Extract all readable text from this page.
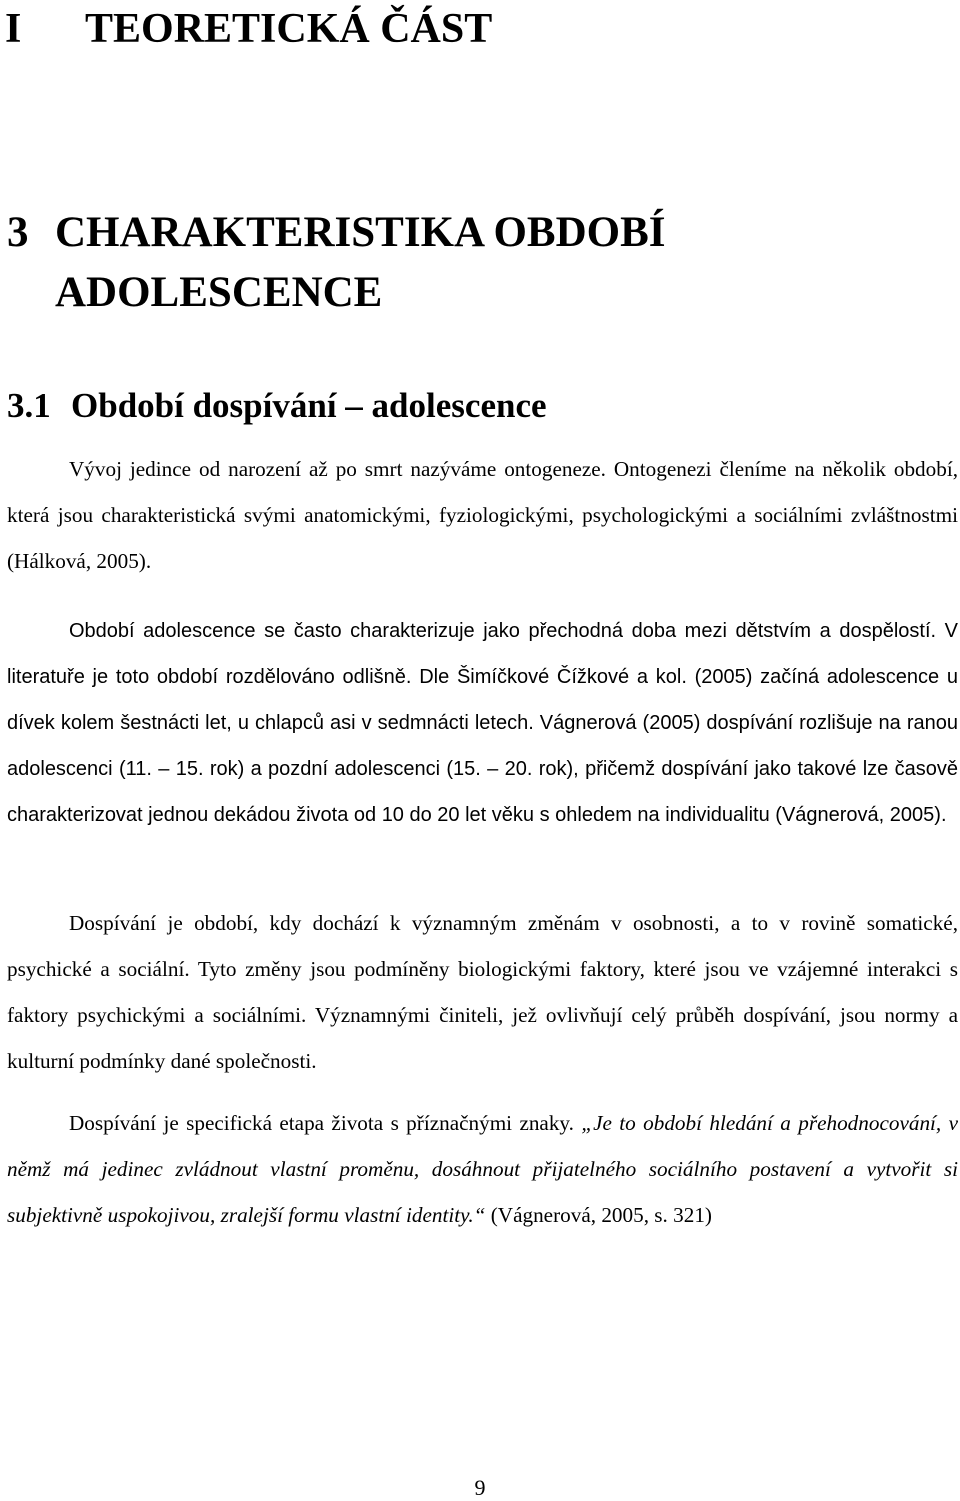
I TEORETICKÁ ČÁST
3 CHARAKTERISTIKA OBDOBÍ ADOLESCENCE
3.1 Období dospívání – adolescence

Vývoj jedince od narození až po smrt nazýváme ontogeneze. Ontogenezi členíme na několik období, která jsou charakteristická svými anatomickými, fyziologickými, psychologickými a sociálními zvláštnostmi (Hálková, 2005).

Období adolescence se často charakterizuje jako přechodná doba mezi dětstvím a dospělostí. V literatuře je toto období rozdělováno odlišně. Dle Šimíčkové Čížkové a kol. (2005) začíná adolescence u dívek kolem šestnácti let, u chlapců asi v sedmnácti letech. Vágnerová (2005) dospívání rozlišuje na ranou adolescenci (11. – 15. rok) a pozdní adolescenci (15. – 20. rok), přičemž dospívání jako takové lze časově charakterizovat jednou dekádou života od 10 do 20 let věku s ohledem na individualitu (Vágnerová, 2005).

Dospívání je období, kdy dochází k významným změnám v osobnosti, a to v rovině somatické, psychické a sociální. Tyto změny jsou podmíněny biologickými faktory, které jsou ve vzájemné interakci s faktory psychickými a sociálními. Významnými činiteli, jež ovlivňují celý průběh dospívání, jsou normy a kulturní podmínky dané společnosti.

Dospívání je specifická etapa života s příznačnými znaky. „Je to období hledání a přehodnocování, v němž má jedinec zvládnout vlastní proměnu, dosáhnout přijatelného sociálního postavení a vytvořit si subjektivně uspokojivou, zralejší formu vlastní identity.“ (Vágnerová, 2005, s. 321)

9
